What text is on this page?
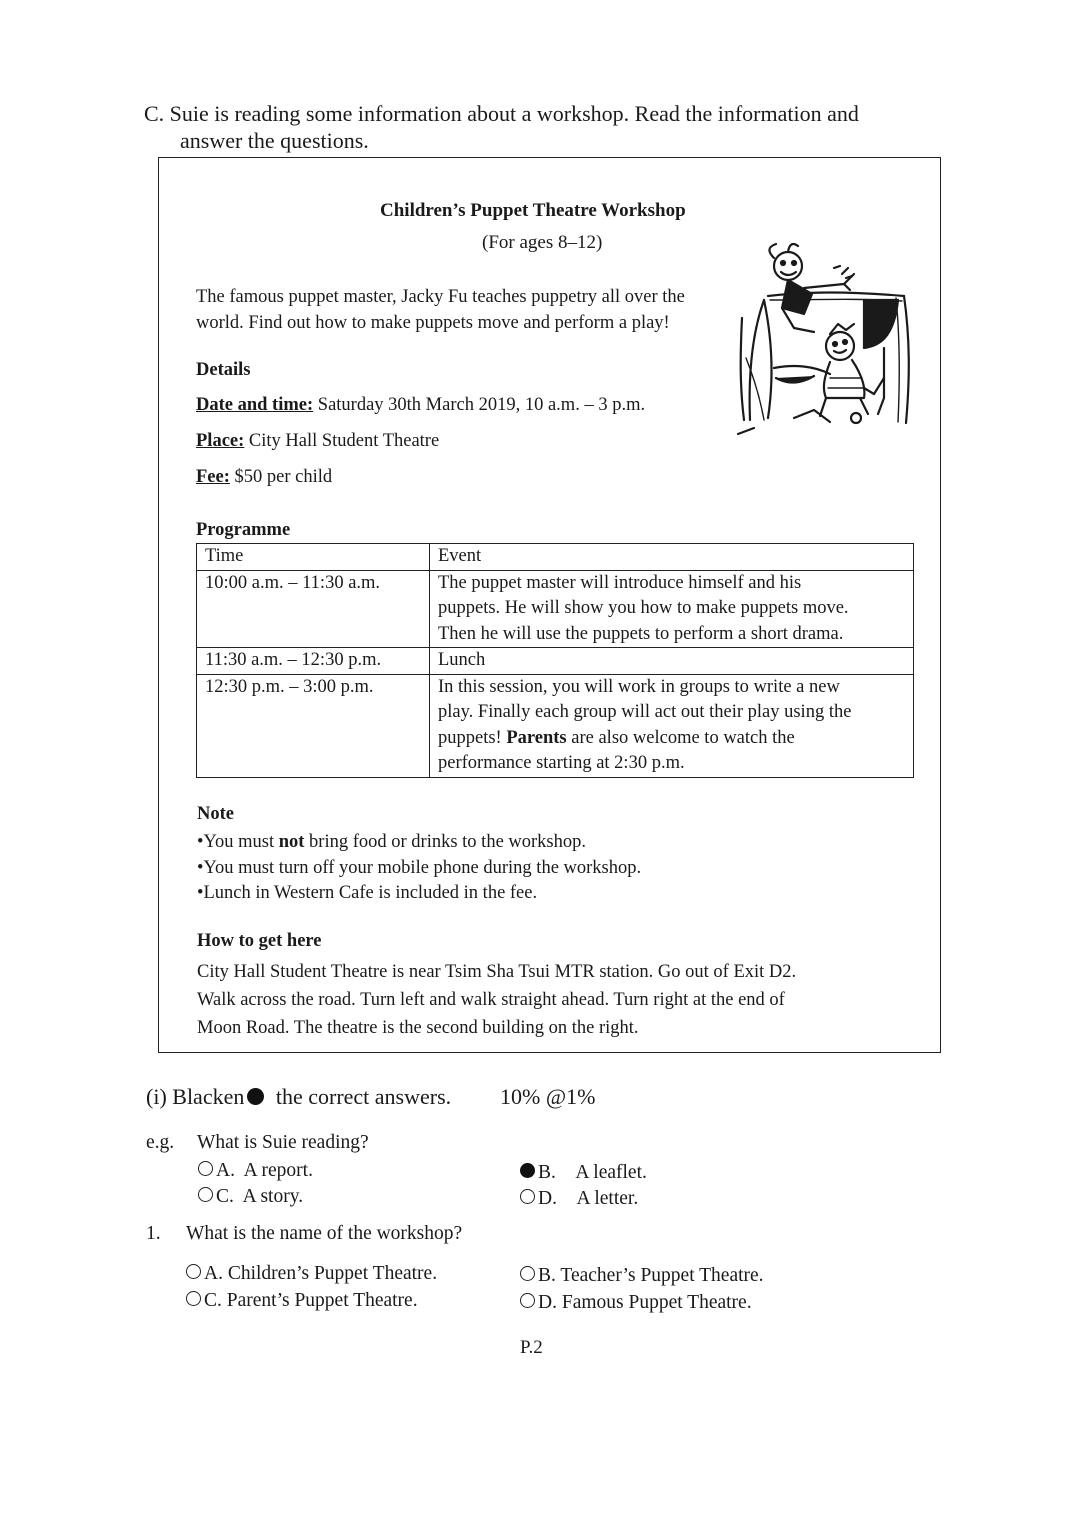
C. Suie is reading some information about a workshop. Read the information and
answer the questions.
Children’s Puppet Theatre Workshop
(For ages 8–12)
The famous puppet master, Jacky Fu teaches puppetry all over the
world. Find out how to make puppets move and perform a play!
Details
Date and time: Saturday 30th March 2019, 10 a.m. – 3 p.m.
Place: City Hall Student Theatre
Fee: $50 per child
Programme
Time	Event
10:00 a.m. – 11:30 a.m.	The puppet master will introduce himself and his
puppets. He will show you how to make puppets move.
Then he will use the puppets to perform a short drama.

11:30 a.m. – 12:30 p.m.	Lunch

12:30 p.m. – 3:00 p.m.	In this session, you will work in groups to write a new
play. Finally each group will act out their play using the
puppets! Parents are also welcome to watch the
performance starting at 2:30 p.m.
Note
•You must not bring food or drinks to the workshop.
•You must turn off your mobile phone during the workshop.
•Lunch in Western Cafe is included in the fee.
How to get here
City Hall Student Theatre is near Tsim Sha Tsui MTR station. Go out of Exit D2.
Walk across the road. Turn left and walk straight ahead. Turn right at the end of
Moon Road. The theatre is the second building on the right.
(i) Blacken the correct answers. 10% @1%
e.g. What is Suie reading?
A. A report.	B. A leaflet.
C. A story.	D. A letter.
1. What is the name of the workshop?
A. Children’s Puppet Theatre.	B. Teacher’s Puppet Theatre.
C. Parent’s Puppet Theatre.	D. Famous Puppet Theatre.
P.2
